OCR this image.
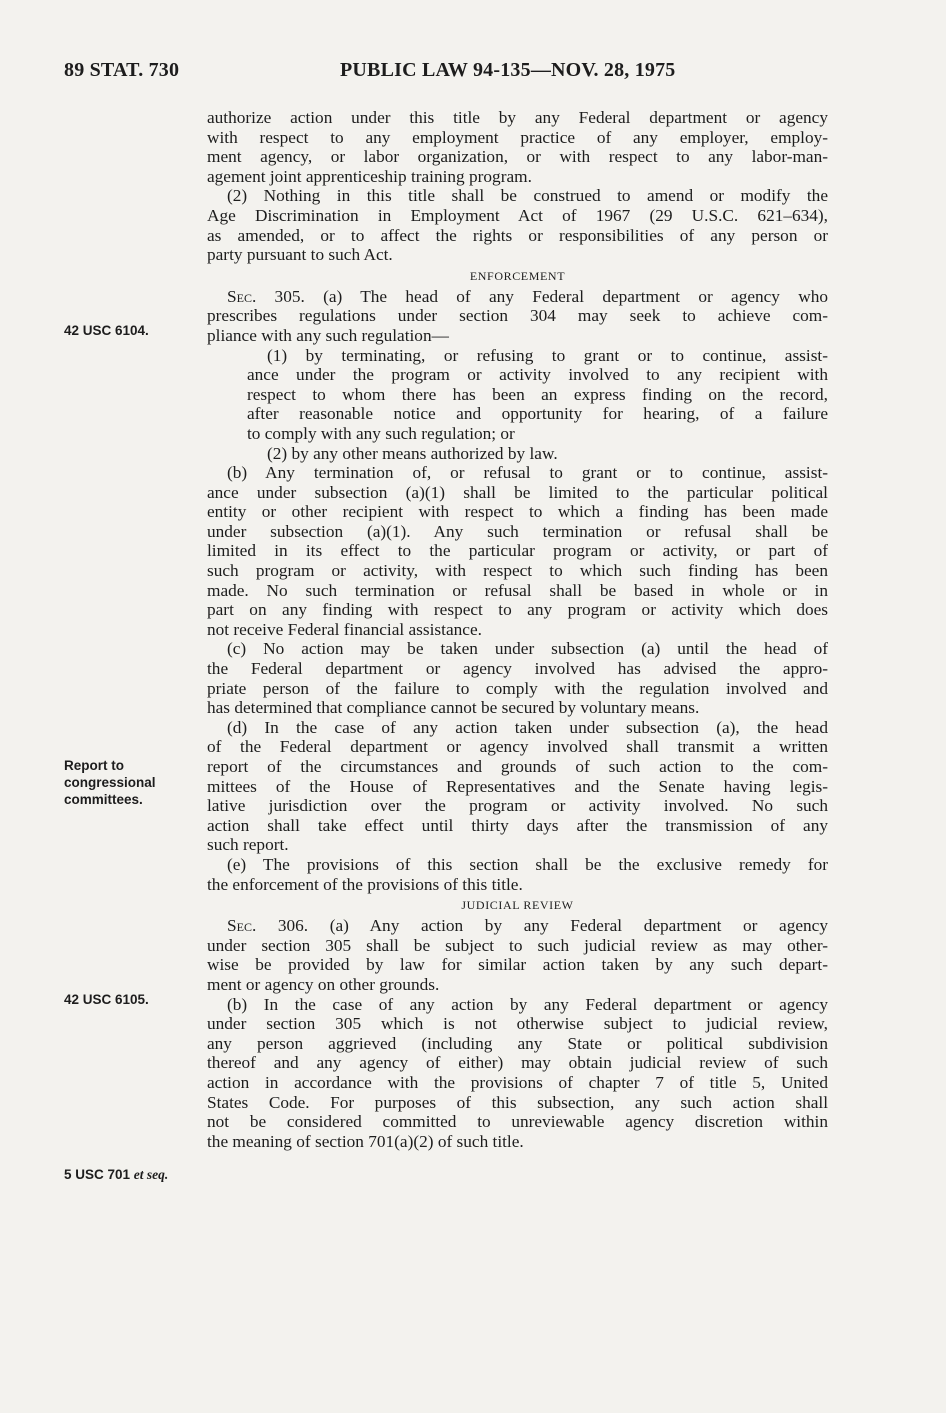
89 STAT. 730	PUBLIC LAW 94-135—NOV. 28, 1975
42 USC 6104.
Report to
congressional
committees.
42 USC 6105.
5 USC 701 et seq.
authorize action under this title by any Federal department or agency
with respect to any employment practice of any employer, employ-
ment agency, or labor organization, or with respect to any labor-man-
agement joint apprenticeship training program.
(2) Nothing in this title shall be construed to amend or modify the
Age Discrimination in Employment Act of 1967 (29 U.S.C. 621–634),
as amended, or to affect the rights or responsibilities of any person or
party pursuant to such Act.
ENFORCEMENT
Sec. 305. (a) The head of any Federal department or agency who
prescribes regulations under section 304 may seek to achieve com-
pliance with any such regulation—
(1) by terminating, or refusing to grant or to continue, assist-
ance under the program or activity involved to any recipient with
respect to whom there has been an express finding on the record,
after reasonable notice and opportunity for hearing, of a failure
to comply with any such regulation; or
(2) by any other means authorized by law.
(b) Any termination of, or refusal to grant or to continue, assist-
ance under subsection (a)(1) shall be limited to the particular political
entity or other recipient with respect to which a finding has been made
under subsection (a)(1). Any such termination or refusal shall be
limited in its effect to the particular program or activity, or part of
such program or activity, with respect to which such finding has been
made. No such termination or refusal shall be based in whole or in
part on any finding with respect to any program or activity which does
not receive Federal financial assistance.
(c) No action may be taken under subsection (a) until the head of
the Federal department or agency involved has advised the appro-
priate person of the failure to comply with the regulation involved and
has determined that compliance cannot be secured by voluntary means.
(d) In the case of any action taken under subsection (a), the head
of the Federal department or agency involved shall transmit a written
report of the circumstances and grounds of such action to the com-
mittees of the House of Representatives and the Senate having legis-
lative jurisdiction over the program or activity involved. No such
action shall take effect until thirty days after the transmission of any
such report.
(e) The provisions of this section shall be the exclusive remedy for
the enforcement of the provisions of this title.
JUDICIAL REVIEW
Sec. 306. (a) Any action by any Federal department or agency
under section 305 shall be subject to such judicial review as may other-
wise be provided by law for similar action taken by any such depart-
ment or agency on other grounds.
(b) In the case of any action by any Federal department or agency
under section 305 which is not otherwise subject to judicial review,
any person aggrieved (including any State or political subdivision
thereof and any agency of either) may obtain judicial review of such
action in accordance with the provisions of chapter 7 of title 5, United
States Code. For purposes of this subsection, any such action shall
not be considered committed to unreviewable agency discretion within
the meaning of section 701(a)(2) of such title.
